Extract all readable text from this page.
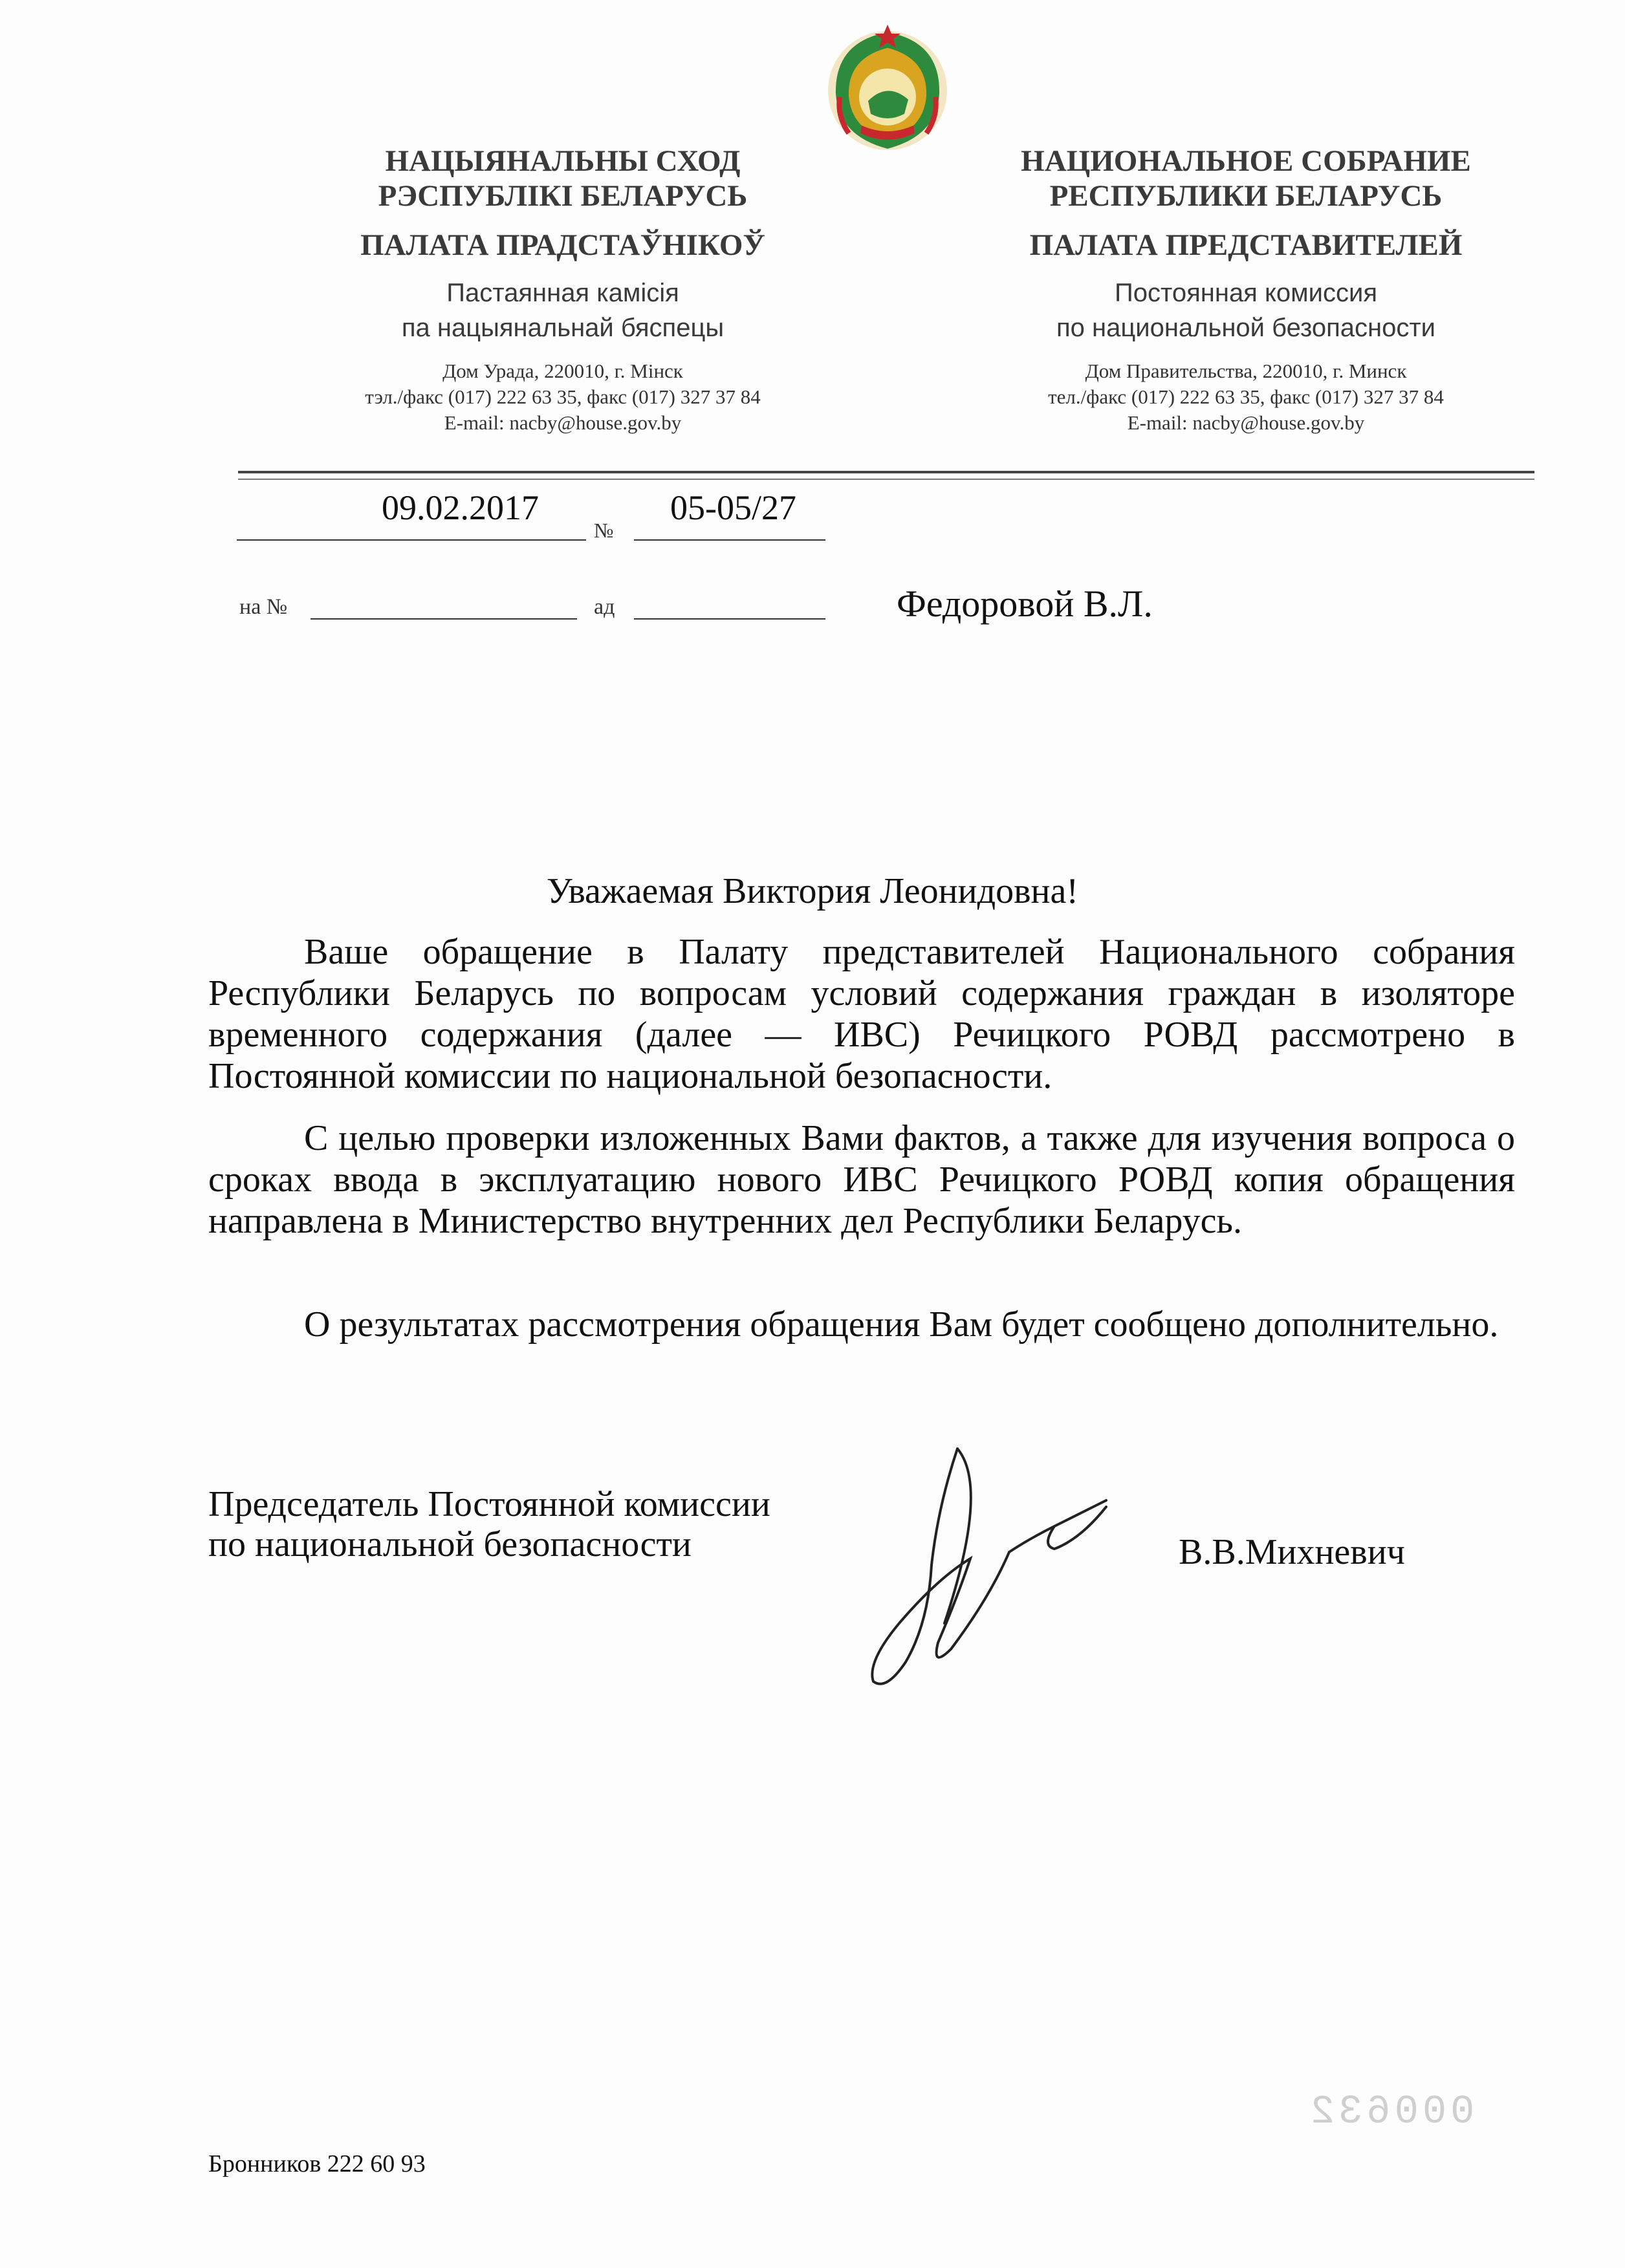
НАЦЫЯНАЛЬНЫ СХОД
РЭСПУБЛІКІ БЕЛАРУСЬ
ПАЛАТА ПРАДСТАЎНІКОЎ
Пастаянная камісія
па нацыянальнай бяспецы
Дом Урада, 220010, г. Мінск
тэл./факс (017) 222 63 35, факс (017) 327 37 84
E-mail: nacby@house.gov.by
НАЦИОНАЛЬНОЕ СОБРАНИЕ
РЕСПУБЛИКИ БЕЛАРУСЬ
ПАЛАТА ПРЕДСТАВИТЕЛЕЙ
Постоянная комиссия
по национальной безопасности
Дом Правительства, 220010, г. Минск
тел./факс (017) 222 63 35, факс (017) 327 37 84
E-mail: nacby@house.gov.by
09.02.2017
№
05-05/27
на №	ад	Федоровой В.Л.
Уважаемая Виктория Леонидовна!

Ваше обращение в Палату представителей Национального собрания Республики Беларусь по вопросам условий содержания граждан в изоляторе временного содержания (далее — ИВС) Речицкого РОВД рассмотрено в Постоянной комиссии по национальной безопасности.

С целью проверки изложенных Вами фактов, а также для изучения вопроса о сроках ввода в эксплуатацию нового ИВС Речицкого РОВД копия обращения направлена в Министерство внутренних дел Республики Беларусь.

О результатах рассмотрения обращения Вам будет сообщено дополнительно.

Председатель Постоянной комиссии
по национальной безопасности	В.В.Михневич
000632
Бронников 222 60 93
